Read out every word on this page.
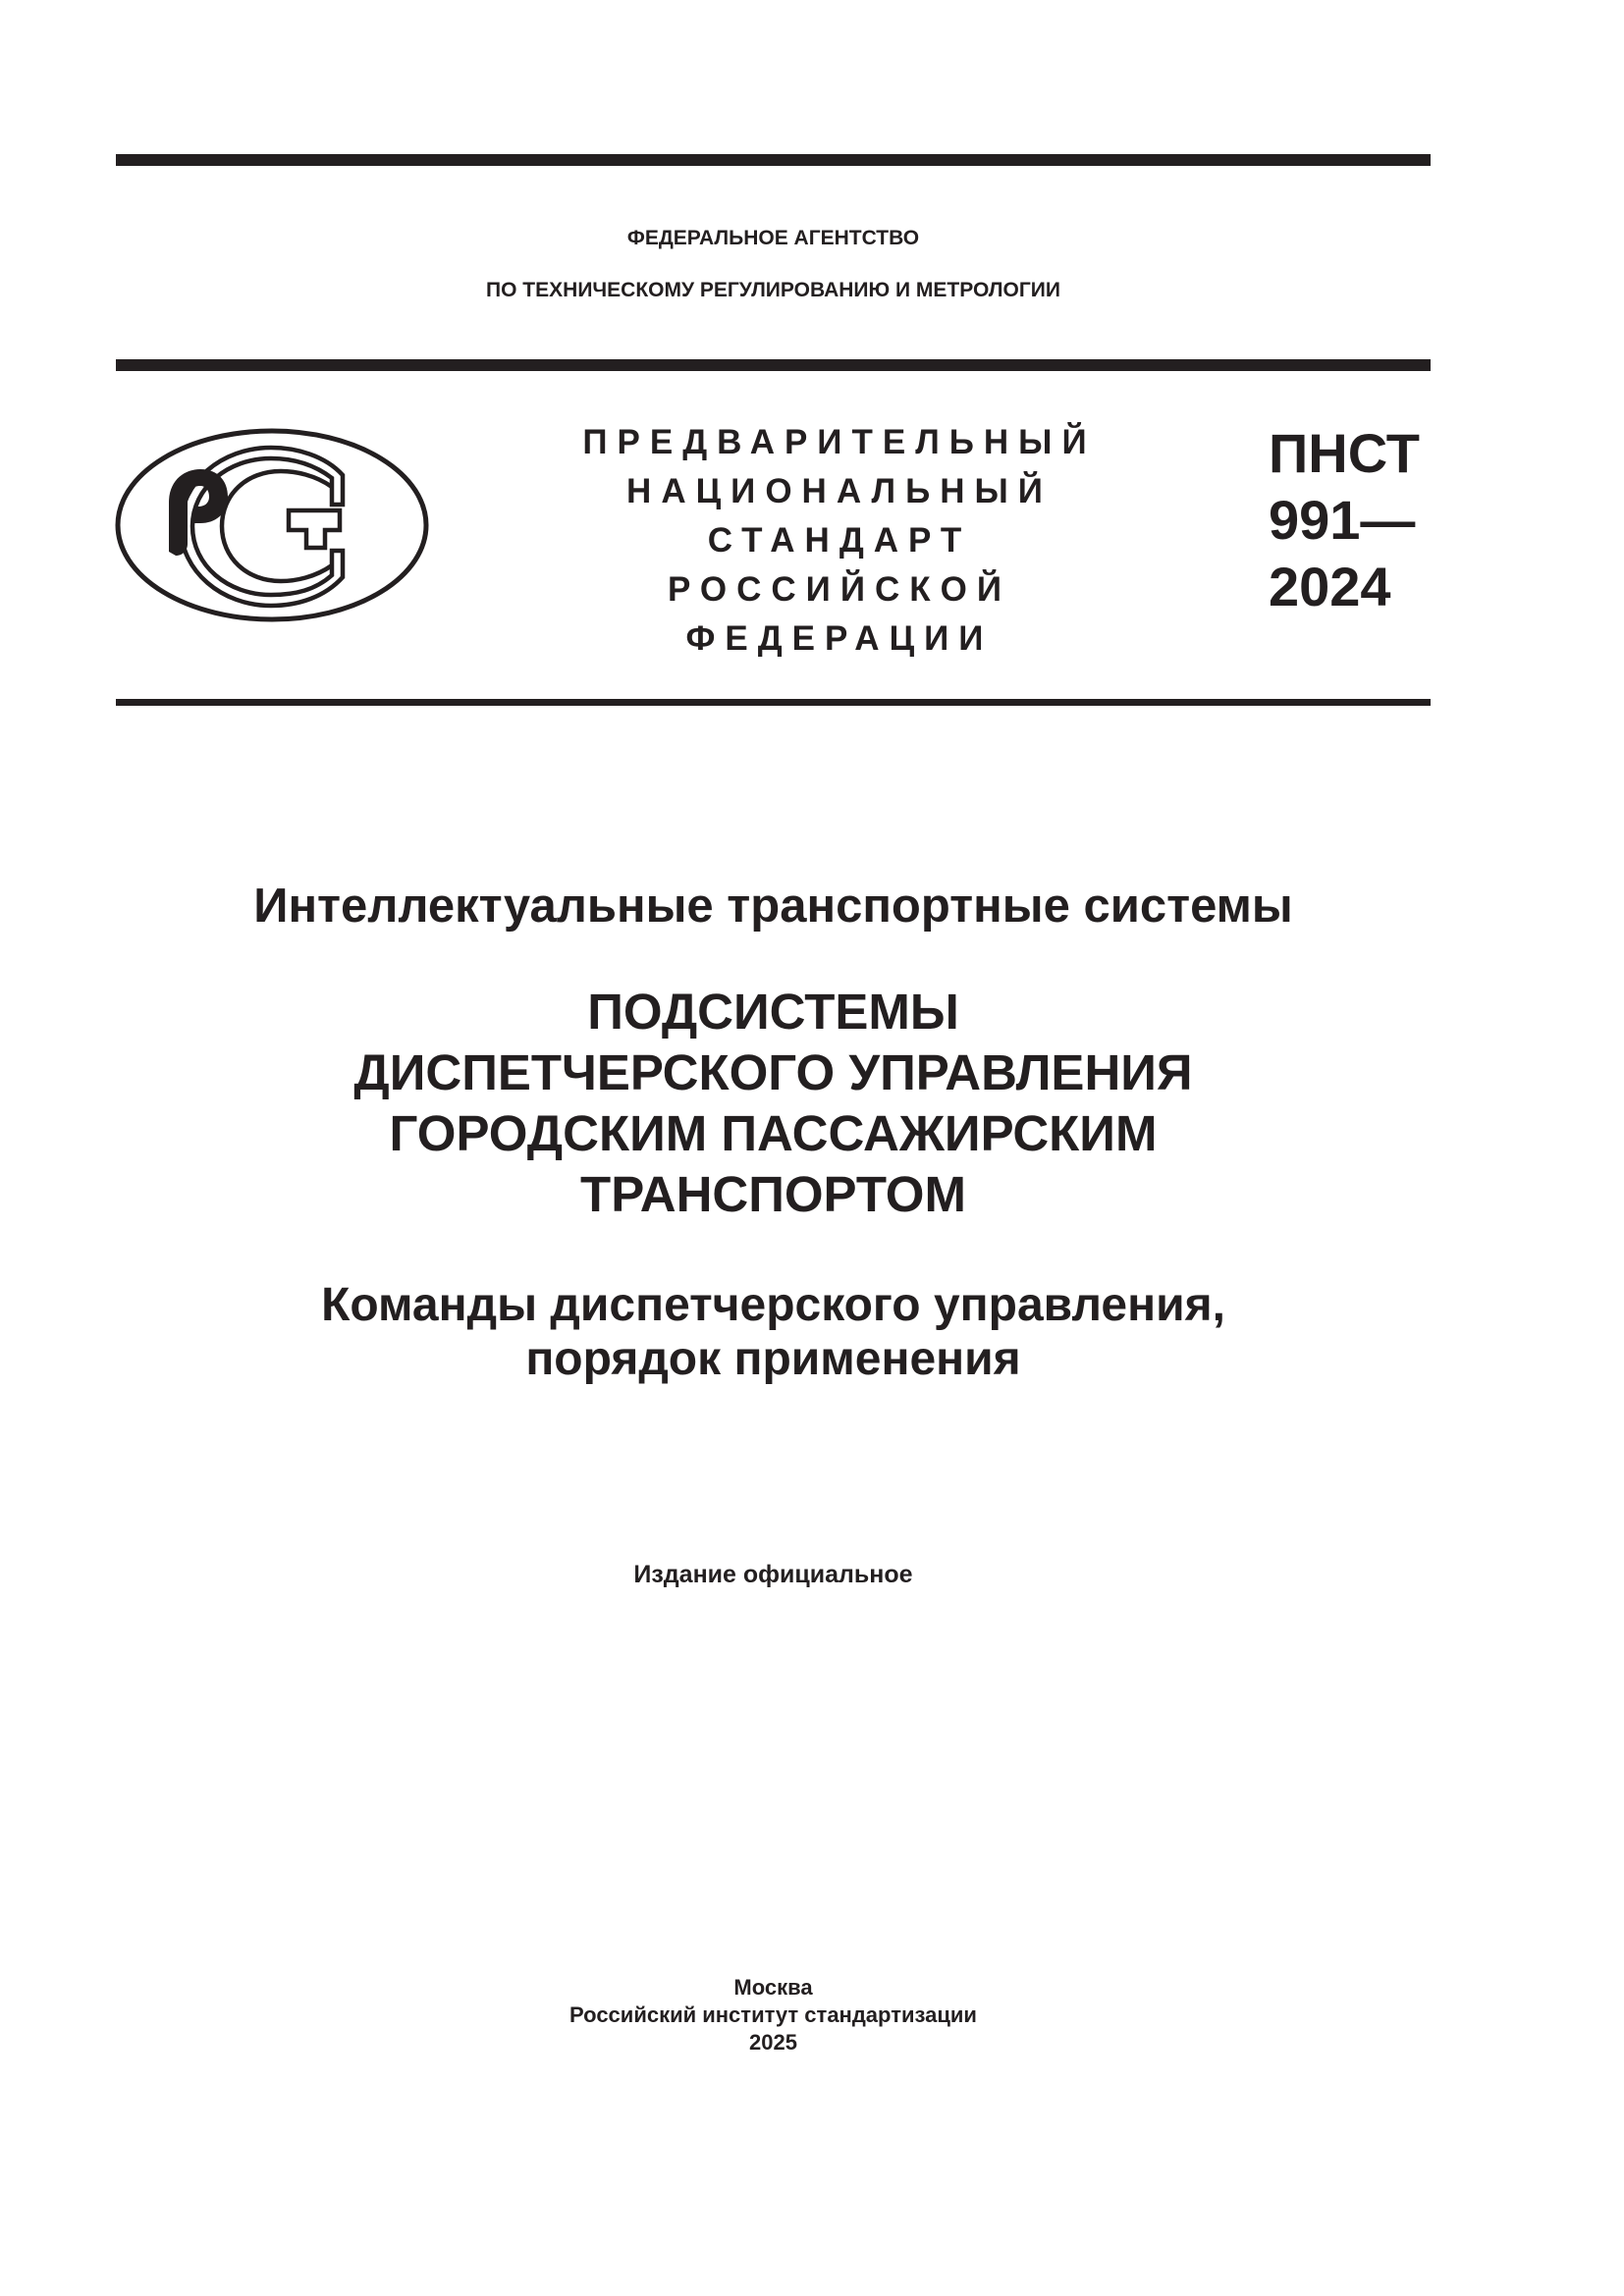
ФЕДЕРАЛЬНОЕ АГЕНТСТВО
ПО ТЕХНИЧЕСКОМУ РЕГУЛИРОВАНИЮ И МЕТРОЛОГИИ
ПРЕДВАРИТЕЛЬНЫЙ
НАЦИОНАЛЬНЫЙ
СТАНДАРТ
РОССИЙСКОЙ
ФЕДЕРАЦИИ
ПНСТ
991—
2024
Интеллектуальные транспортные системы
ПОДСИСТЕМЫ
ДИСПЕТЧЕРСКОГО УПРАВЛЕНИЯ
ГОРОДСКИМ ПАССАЖИРСКИМ
ТРАНСПОРТОМ
Команды диспетчерского управления,
порядок применения
Издание официальное
Москва
Российский институт стандартизации
2025
